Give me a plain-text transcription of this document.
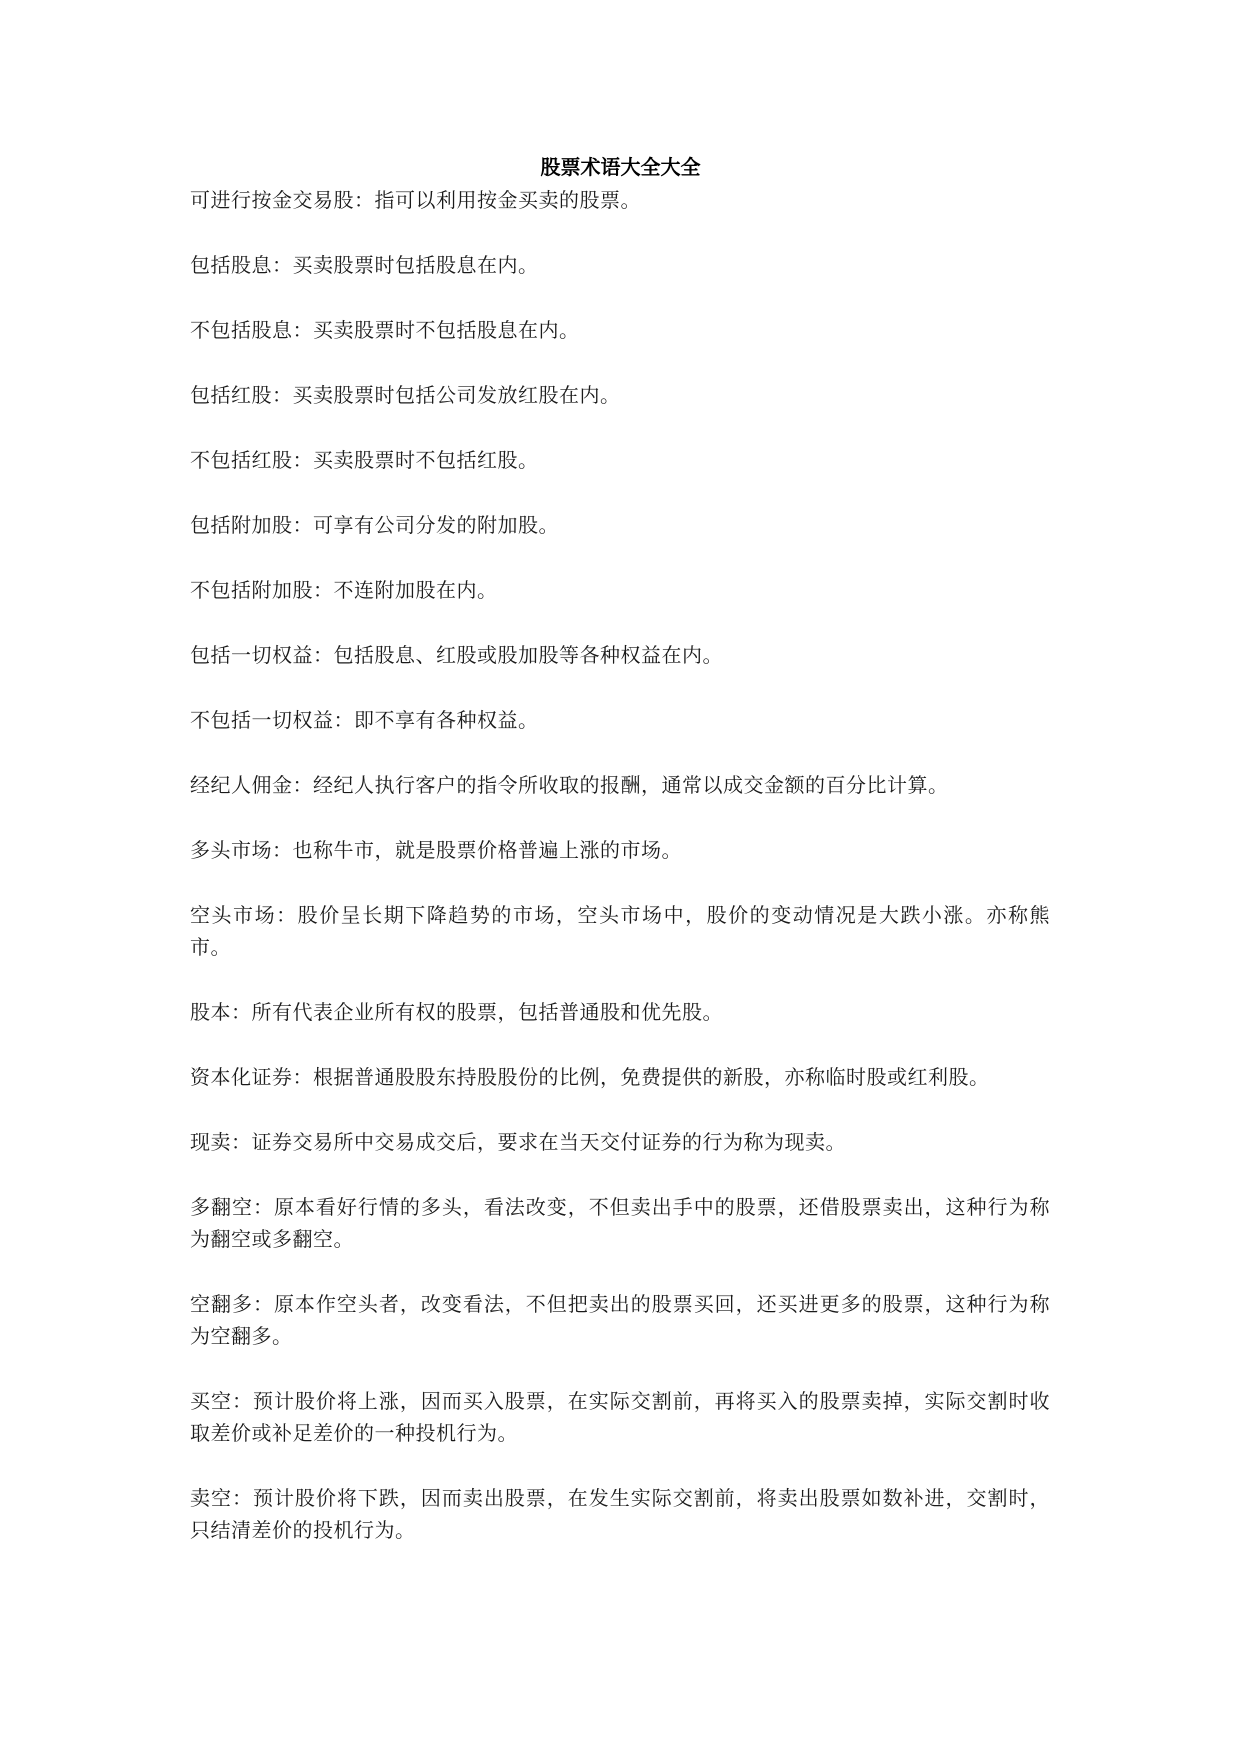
股票术语大全大全

可进行按金交易股：指可以利用按金买卖的股票。

包括股息：买卖股票时包括股息在内。

不包括股息：买卖股票时不包括股息在内。

包括红股：买卖股票时包括公司发放红股在内。

不包括红股：买卖股票时不包括红股。

包括附加股：可享有公司分发的附加股。

不包括附加股：不连附加股在内。

包括一切权益：包括股息、红股或股加股等各种权益在内。

不包括一切权益：即不享有各种权益。

经纪人佣金：经纪人执行客户的指令所收取的报酬，通常以成交金额的百分比计算。

多头市场：也称牛市，就是股票价格普遍上涨的市场。

空头市场：股价呈长期下降趋势的市场，空头市场中，股价的变动情况是大跌小涨。亦称熊市。

股本：所有代表企业所有权的股票，包括普通股和优先股。

资本化证券：根据普通股股东持股股份的比例，免费提供的新股，亦称临时股或红利股。

现卖：证券交易所中交易成交后，要求在当天交付证券的行为称为现卖。

多翻空：原本看好行情的多头，看法改变，不但卖出手中的股票，还借股票卖出，这种行为称为翻空或多翻空。

空翻多：原本作空头者，改变看法，不但把卖出的股票买回，还买进更多的股票，这种行为称为空翻多。

买空：预计股价将上涨，因而买入股票，在实际交割前，再将买入的股票卖掉，实际交割时收取差价或补足差价的一种投机行为。

卖空：预计股价将下跌，因而卖出股票，在发生实际交割前，将卖出股票如数补进，交割时，只结清差价的投机行为。
